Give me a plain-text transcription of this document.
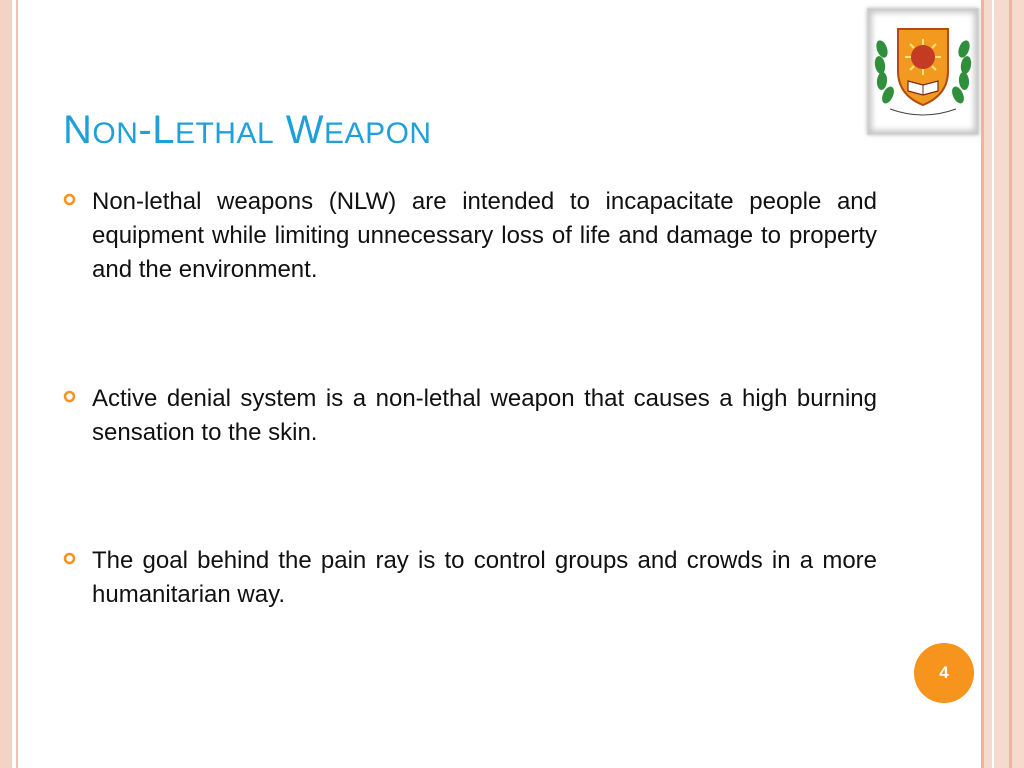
NON-LETHAL WEAPON

Non-lethal weapons (NLW) are intended to incapacitate people and equipment while limiting unnecessary loss of life and damage to property and the environment.

Active denial system is a non-lethal weapon that causes a high burning sensation to the skin.

The goal behind the pain ray is to control groups and crowds in a more humanitarian way.

4
